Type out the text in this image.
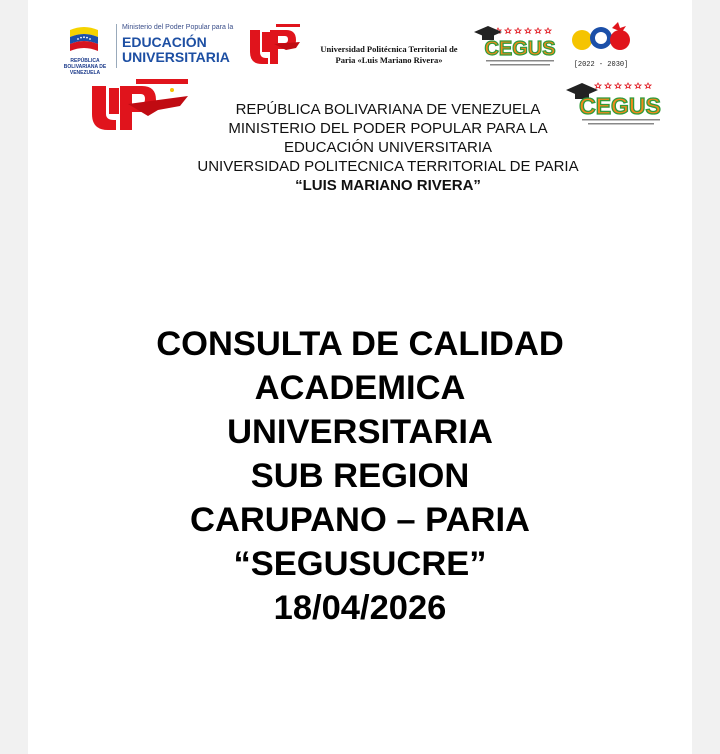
REPÚBLICA BOLIVARIANA DE VENEZUELA
Ministerio del Poder Popular para la
EDUCACIÓN
UNIVERSITARIA	Universidad Politécnica Territorial de
Paria «Luis Mariano Rivera»	CEGUS
[2022 - 2030]
CEGUS
REPÚBLICA BOLIVARIANA DE VENEZUELA
MINISTERIO DEL PODER POPULAR PARA LA
EDUCACIÓN UNIVERSITARIA
UNIVERSIDAD POLITECNICA TERRITORIAL DE PARIA
“LUIS MARIANO RIVERA”
CONSULTA DE CALIDAD
ACADEMICA
UNIVERSITARIA
SUB REGION
CARUPANO – PARIA
“SEGUSUCRE”
18/04/2026
